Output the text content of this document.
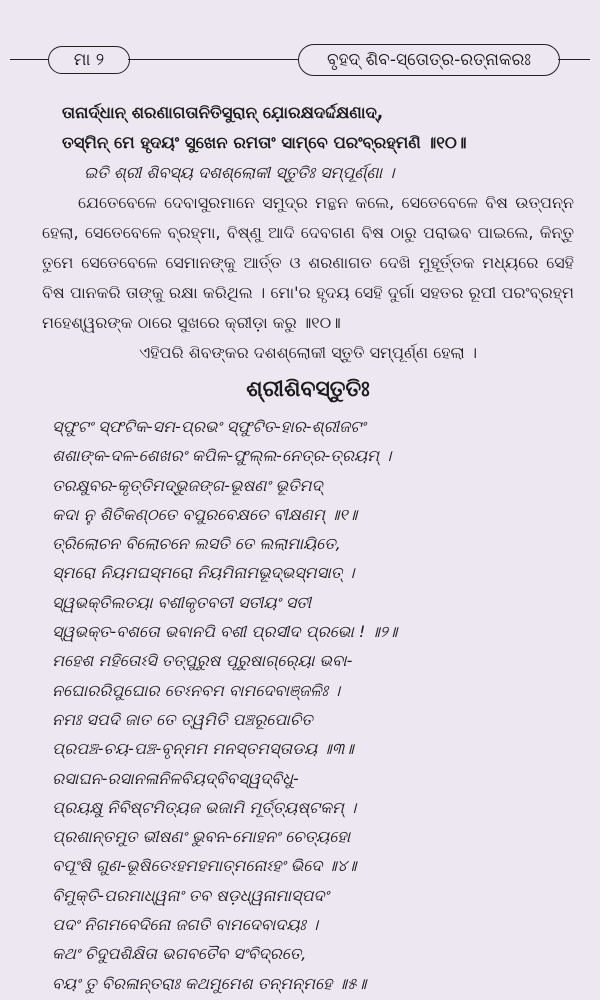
ମା ୨	ବୃହଦ୍ ଶିବ-ସ୍ତୋତ୍ର-ରତ୍ନାକରଃ
ତାନାର୍ଦ୍ଧାନ୍ ଶରଣାଗତାନିତିସୁରାନ୍ ଯୋ଼ରକ୍ଷଦର୍ଦ୍ଦକ୍ଷଣାଦ୍,
ତସ୍ମିନ୍ ମେ ହୃଦୟଂ ସୁଖେନ ରମତାଂ ସାମ୍ବେ ପରଂବ୍ରହ୍ମଣି ॥୧୦॥
ଇତି ଶ୍ରୀ ଶିବସ୍ୟ ଦଶଶ୍ଲୋକୀ ସ୍ତୁତିଃ ସମ୍ପୂର୍ଣ୍ଣା ।

ଯେତେବେଳେ ଦେବାସୁରମାନେ ସମୁଦ୍ର ମନ୍ଥନ କଲେ, ସେତେବେଳେ ବିଷ ଉତ୍ପନ୍ନ ହେଲା, ସେତେବେଳେ ବ୍ରହ୍ମା, ବିଷ୍ଣୁ ଆଦି ଦେବଗଣ ବିଷ ଠାରୁ ପରାଭବ ପାଇଲେ, କିନ୍ତୁ ତୁମେ ସେତେବେଳେ ସେମାନଙ୍କୁ ଆର୍ତ୍ତ ଓ ଶରଣାଗତ ଦେଖି ମୁହୂର୍ତ୍ତକ ମଧ୍ୟରେ ସେହି ବିଷ ପାନକରି ତାଙ୍କୁ ରକ୍ଷା କରିଥିଲ । ମୋ'ର ହୃଦୟ ସେହି ଦୁର୍ଗା ସହତର ରୂପୀ ପରଂବ୍ରହ୍ମ ମହେଶ୍ୱରଙ୍କ ଠାରେ ସୁଖରେ କ୍ରୀଡ଼ା କରୁ ॥୧୦॥

ଏହିପରି ଶିବଙ୍କର ଦଶଶ୍ଲୋକୀ ସ୍ତୁତି ସମ୍ପୂର୍ଣ୍ଣ ହେଲା ।
ଶ୍ରୀଶିବସ୍ତୁତିଃ
ସ୍ଫୁଟଂ ସ୍ଫଟିକ-ସମ-ପ୍ରଭଂ ସ୍ଫୁଟିତ-ହାର-ଶ୍ରୀଜଟଂ
ଶଶାଙ୍କ-ଦଳ-ଶେଖରଂ କପିଳ-ଫୁଲ୍ଲ-ନେତ୍ର-ତ୍ରୟମ୍ ।
ତରକ୍ଷୁବର-କୃତ୍ତିମଦ୍‌ଭୁଜଙ୍ଗ-ଭୂଷଣଂ ଭୂତିମଦ୍
କଦା ନୁ ଶିତିକଣ୍ଠତେ ବପୁରବେକ୍ଷତେ ବୀକ୍ଷଣମ୍ ॥୧॥
ତ୍ରିଲୋଚନ ବିଲୋଚନେ ଲସତି ତେ ଲଲାମାୟିତେ,
ସ୍ମରୋ ନିୟମଘସ୍ମରୋ ନିୟମିନାମଭୂଦ୍‌ଭସ୍ମସାତ୍ ।
ସ୍ୱଭକ୍ତିଲତୟା ବଶୀକୃତବତୀ ସତୀୟଂ ସତୀ
ସ୍ୱଭକ୍ତ-ବଶତୋ ଭବାନପି ବଶୀ ପ୍ରସୀଦ ପ୍ରଭୋ ! ॥୨॥
ମହେଶ ମହିତୋଽସି ତତ୍ପୁରୁଷ ପୂରୁଷାଗ୍ର୍ୟୋ ଭବା-
ନଘୋରରିପୁଘୋର ତେଽନବମ ବାମଦେବାଞ୍ଜଳିଃ ।
ନମଃ ସପଦି ଜାତ ତେ ତ୍ୱମିତି ପଞ୍ଚରୂପୋଚିତ
ପ୍ରପଞ୍ଚ-ଚୟ-ପଞ୍ଚ-ବୃନ୍ମମ ମନସ୍ତମସ୍ତାଡୟ ॥୩॥
ରସାଘନ-ରସାନଳାନିଳବିୟଦ୍‌ବିବସ୍ୱଦ୍‌ବିଧୁ-
ପ୍ରୟକ୍ଷୁ ନିବିଷ୍ଟମିତ୍ୟଜ ଭଜାମି ମୂର୍ତ୍ତ୍ୟଷ୍ଟକମ୍ ।
ପ୍ରଶାନ୍ତମୁତ ଭୀଷଣଂ ଭୁବନ-ମୋହନଂ ଚେତ୍ୟହୋ
ବପୂଂଷି ଗୁଣ-ଭୂଷିତେଽହମହମାତ୍ମନୋଽହଂ ଭିଦେ ॥୪॥
ବିମୁକ୍ତି-ପରମାଧ୍ୱନାଂ ତବ ଷଡ଼ଧ୍ୱନାମାସ୍ପଦଂ
ପଦଂ ନିଗମବେଦିନୋ ଜଗତି ବାମଦେବାଦୟଃ ।
କଥଂ ଚିଦୁପଶିକ୍ଷିତା ଭଗବତୈବ ସଂବିଦ୍ରତେ,
ବୟଂ ତୁ ବିରଳାନ୍ତରାଃ କଥମୁମେଶ ତନ୍ମନ୍ମହେ ॥୫॥
